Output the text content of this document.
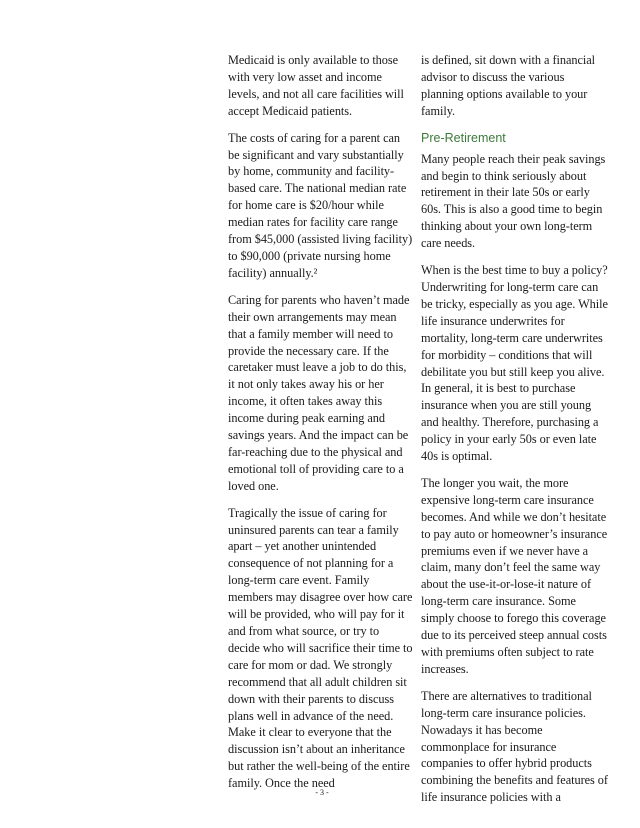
Medicaid is only available to those with very low asset and income levels, and not all care facilities will accept Medicaid patients.

The costs of caring for a parent can be significant and vary substantially by home, community and facility-based care. The national median rate for home care is $20/hour while median rates for facility care range from $45,000 (assisted living facility) to $90,000 (private nursing home facility) annually.²

Caring for parents who haven’t made their own arrangements may mean that a family member will need to provide the necessary care. If the caretaker must leave a job to do this, it not only takes away his or her income, it often takes away this income during peak earning and savings years. And the impact can be far-reaching due to the physical and emotional toll of providing care to a loved one.

Tragically the issue of caring for uninsured parents can tear a family apart – yet another unintended consequence of not planning for a long-term care event. Family members may disagree over how care will be provided, who will pay for it and from what source, or try to decide who will sacrifice their time to care for mom or dad. We strongly recommend that all adult children sit down with their parents to discuss plans well in advance of the need. Make it clear to everyone that the discussion isn’t about an inheritance but rather the well-being of the entire family. Once the need

is defined, sit down with a financial advisor to discuss the various planning options available to your family.

Pre-Retirement

Many people reach their peak savings and begin to think seriously about retirement in their late 50s or early 60s. This is also a good time to begin thinking about your own long-term care needs.

When is the best time to buy a policy? Underwriting for long-term care can be tricky, especially as you age. While life insurance underwrites for mortality, long-term care underwrites for morbidity – conditions that will debilitate you but still keep you alive. In general, it is best to purchase insurance when you are still young and healthy. Therefore, purchasing a policy in your early 50s or even late 40s is optimal.

The longer you wait, the more expensive long-term care insurance becomes. And while we don’t hesitate to pay auto or homeowner’s insurance premiums even if we never have a claim, many don’t feel the same way about the use-it-or-lose-it nature of long-term care insurance. Some simply choose to forego this coverage due to its perceived steep annual costs with premiums often subject to rate increases.

There are alternatives to traditional long-term care insurance policies. Nowadays it has become commonplace for insurance companies to offer hybrid products combining the benefits and features of life insurance policies with a

- 3 -
